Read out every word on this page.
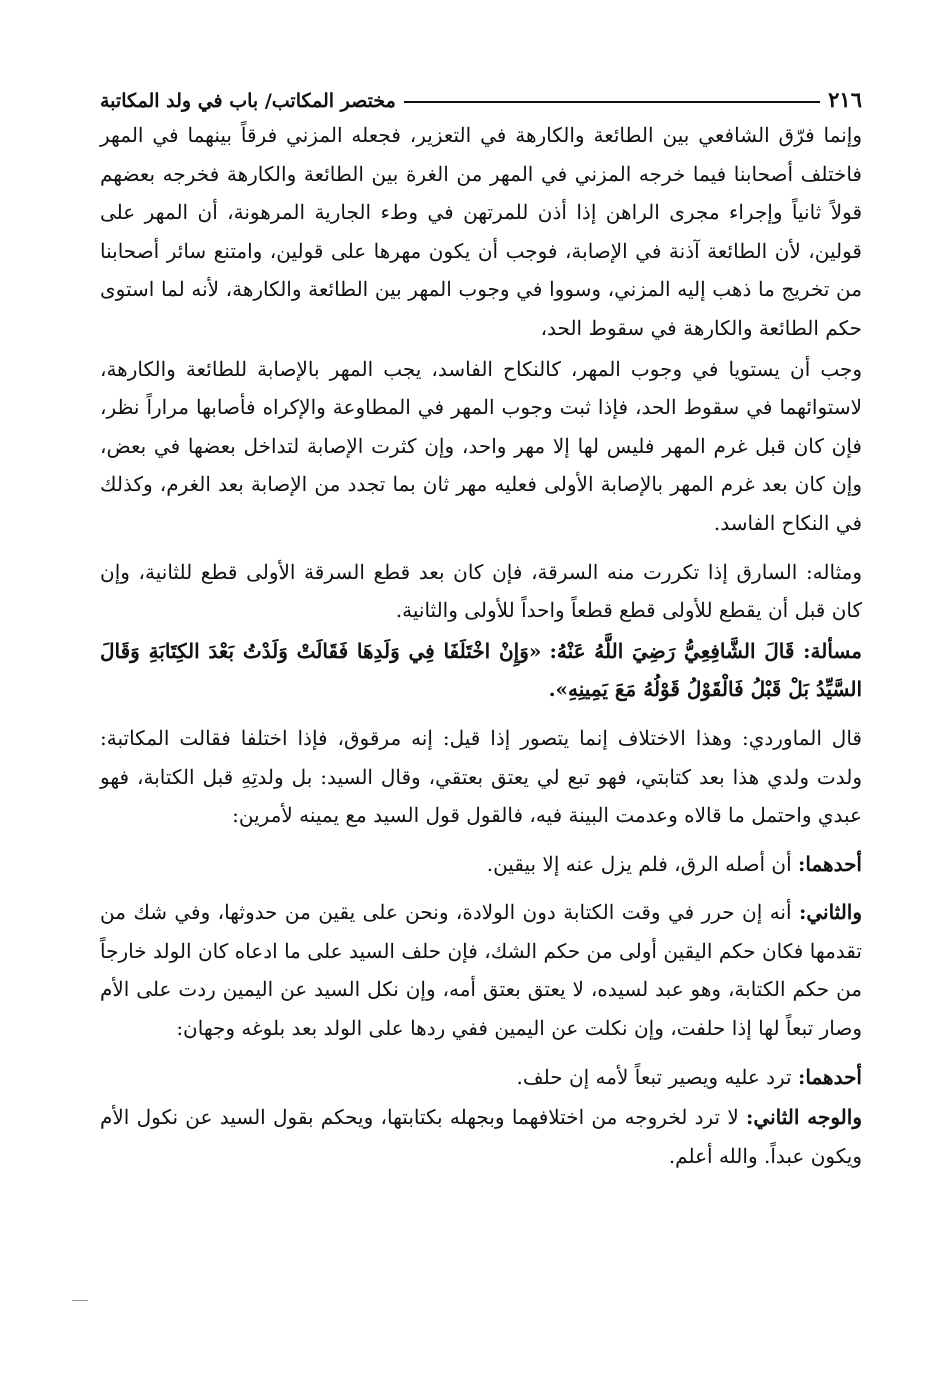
٢١٦
مختصر المكاتب/ باب في ولد المكاتبة

وإنما فرّق الشافعي بين الطائعة والكارهة في التعزير، فجعله المزني فرقاً بينهما في المهر فاختلف أصحابنا فيما خرجه المزني في المهر من الغرة بين الطائعة والكارهة فخرجه بعضهم قولاً ثانياً وإجراء مجرى الراهن إذا أذن للمرتهن في وطء الجارية المرهونة، أن المهر على قولين، لأن الطائعة آذنة في الإصابة، فوجب أن يكون مهرها على قولين، وامتنع سائر أصحابنا من تخريج ما ذهب إليه المزني، وسووا في وجوب المهر بين الطائعة والكارهة، لأنه لما استوى حكم الطائعة والكارهة في سقوط الحد،

وجب أن يستويا في وجوب المهر، كالنكاح الفاسد، يجب المهر بالإصابة للطائعة والكارهة، لاستوائهما في سقوط الحد، فإذا ثبت وجوب المهر في المطاوعة والإكراه فأصابها مراراً نظر، فإن كان قبل غرم المهر فليس لها إلا مهر واحد، وإن كثرت الإصابة لتداخل بعضها في بعض، وإن كان بعد غرم المهر بالإصابة الأولى فعليه مهر ثان بما تجدد من الإصابة بعد الغرم، وكذلك في النكاح الفاسد.

ومثاله: السارق إذا تكررت منه السرقة، فإن كان بعد قطع السرقة الأولى قطع للثانية، وإن كان قبل أن يقطع للأولى قطع قطعاً واحداً للأولى والثانية.

مسألة: قَالَ الشَّافِعِيُّ رَضِيَ اللَّهُ عَنْهُ: «وَإِنْ اخْتَلَفَا فِي وَلَدِهَا فَقَالَتْ وَلَدْتُ بَعْدَ الكِتَابَةِ وَقَالَ السَّيِّدُ بَلْ قَبْلُ فَالْقَوْلُ قَوْلُهُ مَعَ يَمِينِهِ».

قال الماوردي: وهذا الاختلاف إنما يتصور إذا قيل: إنه مرقوق، فإذا اختلفا فقالت المكاتبة: ولدت ولدي هذا بعد كتابتي، فهو تبع لي يعتق بعتقي، وقال السيد: بل ولدتِهِ قبل الكتابة، فهو عبدي واحتمل ما قالاه وعدمت البينة فيه، فالقول قول السيد مع يمينه لأمرين:

أحدهما: أن أصله الرق، فلم يزل عنه إلا بيقين.

والثاني: أنه إن حرر في وقت الكتابة دون الولادة، ونحن على يقين من حدوثها، وفي شك من تقدمها فكان حكم اليقين أولى من حكم الشك، فإن حلف السيد على ما ادعاه كان الولد خارجاً من حكم الكتابة، وهو عبد لسيده، لا يعتق بعتق أمه، وإن نكل السيد عن اليمين ردت على الأم وصار تبعاً لها إذا حلفت، وإن نكلت عن اليمين ففي ردها على الولد بعد بلوغه وجهان:

أحدهما: ترد عليه ويصير تبعاً لأمه إن حلف.

والوجه الثاني: لا ترد لخروجه من اختلافهما وبجهله بكتابتها، ويحكم بقول السيد عن نكول الأم ويكون عبداً. والله أعلم.
